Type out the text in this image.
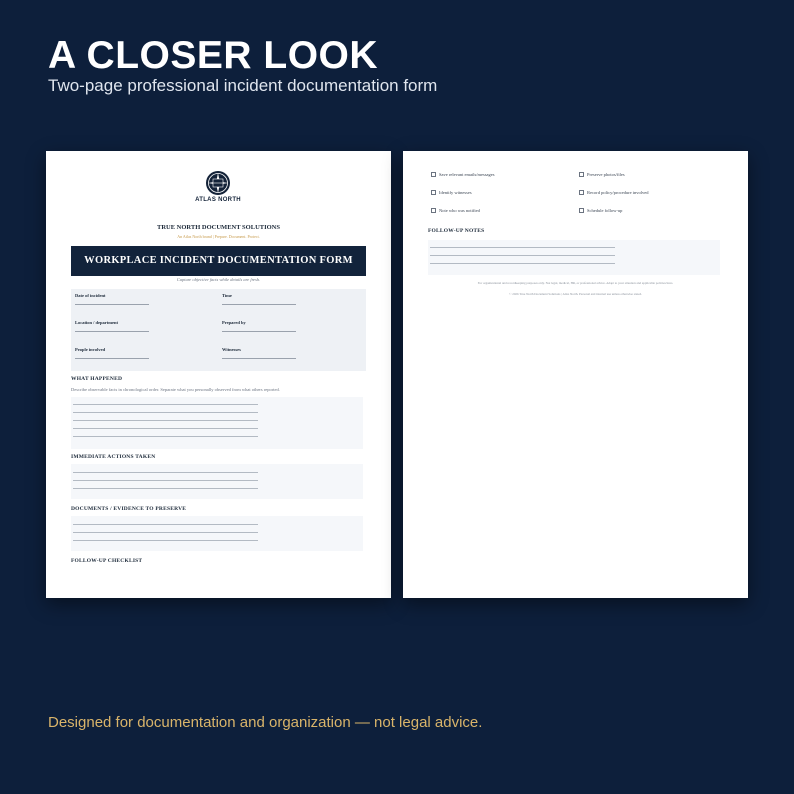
A CLOSER LOOK

Two-page professional incident documentation form

ATLAS NORTH
TRUE NORTH DOCUMENT SOLUTIONS
An Atlas North brand | Prepare. Document. Protect.
WORKPLACE INCIDENT DOCUMENTATION FORM
Capture objective facts while details are fresh.
Date of incident	Time
Location / department	Prepared by
People involved	Witnesses
WHAT HAPPENED
Describe observable facts in chronological order. Separate what you personally observed from what others reported.
IMMEDIATE ACTIONS TAKEN
DOCUMENTS / EVIDENCE TO PRESERVE
FOLLOW-UP CHECKLIST
Save relevant emails/messages	Preserve photos/files
Identify witnesses	Record policy/procedure involved
Note who was notified	Schedule follow-up
FOLLOW-UP NOTES
For organizational and recordkeeping purposes only. Not legal, medical, HR, or professional advice. Adapt to your situation and applicable policies/laws.
© 2026 True North Document Solutions | Atlas North. Personal and internal use unless otherwise stated.

Designed for documentation and organization — not legal advice.
